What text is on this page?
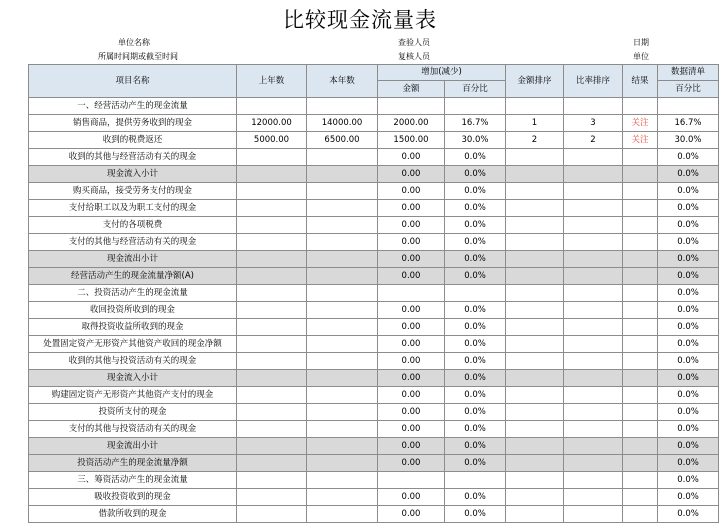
比较现金流量表
单位名称
所属时间期或截至时间
查验人员
复核人员
日期
单位
项目名称	上年数	本年数	增加(减少)		金额排序	比率排序	结果	数据清单
			金额	百分比				百分比
一、经营活动产生的现金流量								
销售商品，提供劳务收到的现金	12000.00	14000.00	2000.00	16.7%	1	3	关注	16.7%
收到的税费返还	5000.00	6500.00	1500.00	30.0%	2	2	关注	30.0%
收到的其他与经营活动有关的现金			0.00	0.0%				0.0%
现金流入小计			0.00	0.0%				0.0%
购买商品，接受劳务支付的现金			0.00	0.0%				0.0%
支付给职工以及为职工支付的现金			0.00	0.0%				0.0%
支付的各项税费			0.00	0.0%				0.0%
支付的其他与经营活动有关的现金			0.00	0.0%				0.0%
现金流出小计			0.00	0.0%				0.0%
经营活动产生的现金流量净额(A)			0.00	0.0%				0.0%
二、投资活动产生的现金流量								0.0%
收回投资所收到的现金			0.00	0.0%				0.0%
取得投资收益所收到的现金			0.00	0.0%				0.0%
处置固定资产无形资产其他资产收回的现金净额			0.00	0.0%				0.0%
收到的其他与投资活动有关的现金			0.00	0.0%				0.0%
现金流入小计			0.00	0.0%				0.0%
购建固定资产无形资产其他资产支付的现金			0.00	0.0%				0.0%
投资所支付的现金			0.00	0.0%				0.0%
支付的其他与投资活动有关的现金			0.00	0.0%				0.0%
现金流出小计			0.00	0.0%				0.0%
投资活动产生的现金流量净额			0.00	0.0%				0.0%
三、筹资活动产生的现金流量								0.0%
吸收投资收到的现金			0.00	0.0%				0.0%
借款所收到的现金			0.00	0.0%				0.0%
